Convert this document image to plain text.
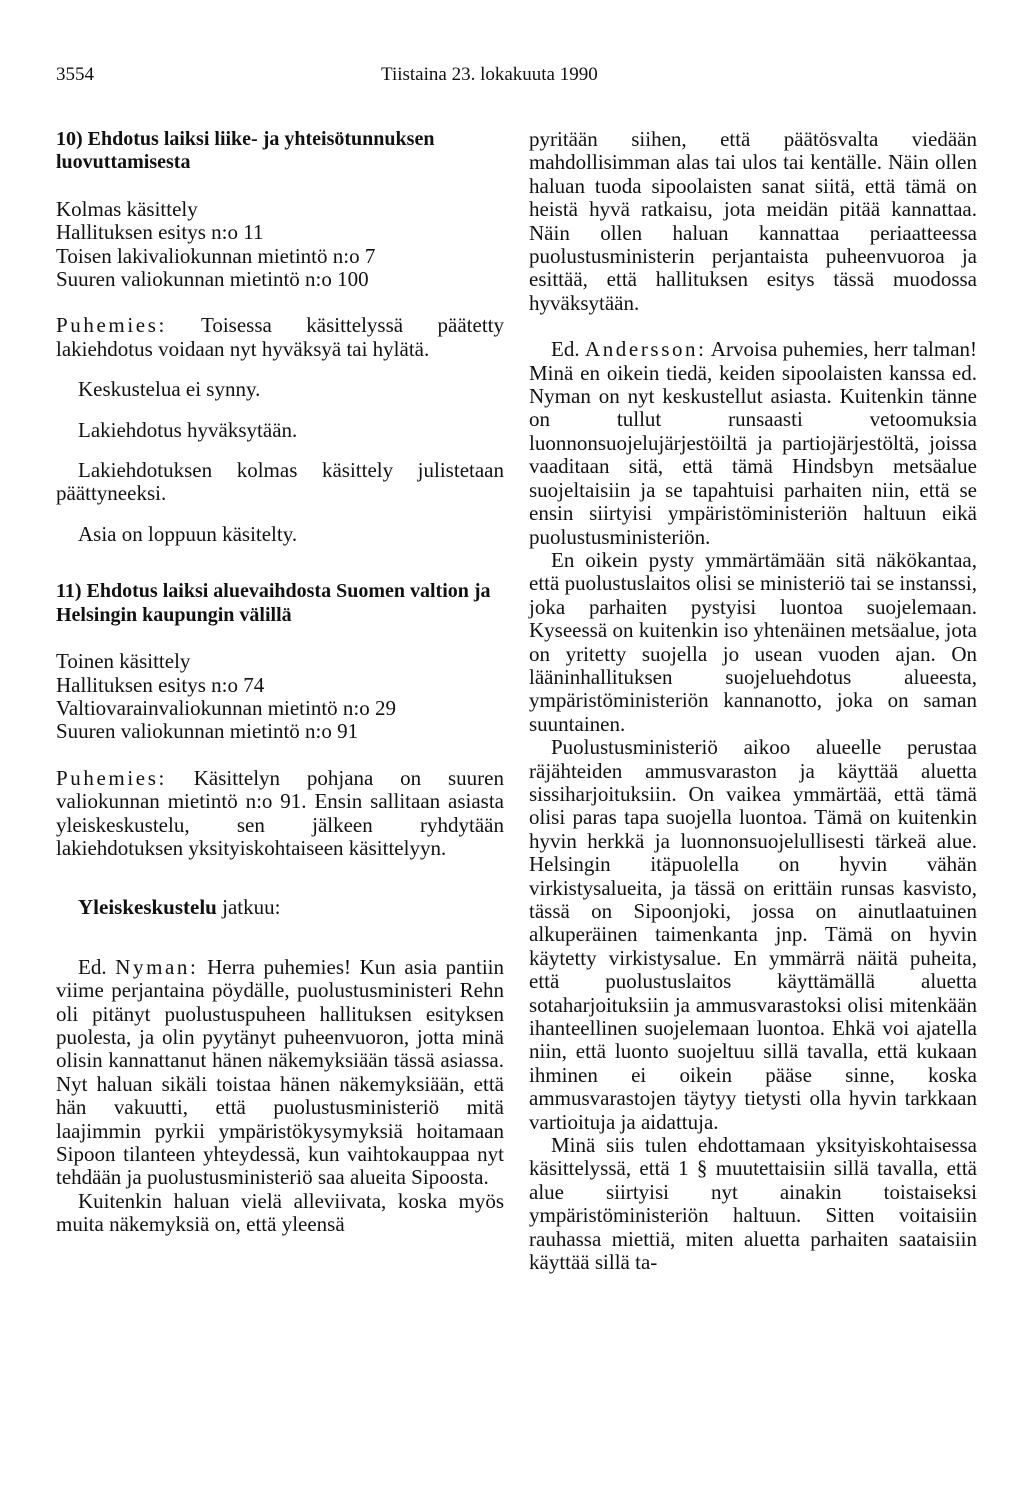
3554	Tiistaina 23. lokakuuta 1990

10) Ehdotus laiksi liike- ja yhteisötunnuksen luovuttamisesta

Kolmas käsittely

Hallituksen esitys n:o 11

Toisen lakivaliokunnan mietintö n:o 7

Suuren valiokunnan mietintö n:o 100

Puhemies: Toisessa käsittelyssä päätetty lakiehdotus voidaan nyt hyväksyä tai hylätä.

Keskustelua ei synny.

Lakiehdotus hyväksytään.

Lakiehdotuksen kolmas käsittely julistetaan päättyneeksi.

Asia on loppuun käsitelty.

11) Ehdotus laiksi aluevaihdosta Suomen valtion ja Helsingin kaupungin välillä

Toinen käsittely

Hallituksen esitys n:o 74

Valtiovarainvaliokunnan mietintö n:o 29

Suuren valiokunnan mietintö n:o 91

Puhemies: Käsittelyn pohjana on suuren valiokunnan mietintö n:o 91. Ensin sallitaan asiasta yleiskeskustelu, sen jälkeen ryhdytään lakiehdotuksen yksityiskohtaiseen käsittelyyn.

Yleiskeskustelu jatkuu:

Ed. Nyman: Herra puhemies! Kun asia pantiin viime perjantaina pöydälle, puolustusministeri Rehn oli pitänyt puolustuspuheen hallituksen esityksen puolesta, ja olin pyytänyt puheenvuoron, jotta minä olisin kannattanut hänen näkemyksiään tässä asiassa. Nyt haluan sikäli toistaa hänen näkemyksiään, että hän vakuutti, että puolustusministeriö mitä laajimmin pyrkii ympäristökysymyksiä hoitamaan Sipoon tilanteen yhteydessä, kun vaihtokauppaa nyt tehdään ja puolustusministeriö saa alueita Sipoosta.

Kuitenkin haluan vielä alleviivata, koska myös muita näkemyksiä on, että yleensä

pyritään siihen, että päätösvalta viedään mahdollisimman alas tai ulos tai kentälle. Näin ollen haluan tuoda sipoolaisten sanat siitä, että tämä on heistä hyvä ratkaisu, jota meidän pitää kannattaa. Näin ollen haluan kannattaa periaatteessa puolustusministerin perjantaista puheenvuoroa ja esittää, että hallituksen esitys tässä muodossa hyväksytään.

Ed. Andersson: Arvoisa puhemies, herr talman! Minä en oikein tiedä, keiden sipoolaisten kanssa ed. Nyman on nyt keskustellut asiasta. Kuitenkin tänne on tullut runsaasti vetoomuksia luonnonsuojelujärjestöiltä ja partiojärjestöltä, joissa vaaditaan sitä, että tämä Hindsbyn metsäalue suojeltaisiin ja se tapahtuisi parhaiten niin, että se ensin siirtyisi ympäristöministeriön haltuun eikä puolustusministeriön.

En oikein pysty ymmärtämään sitä näkökantaa, että puolustuslaitos olisi se ministeriö tai se instanssi, joka parhaiten pystyisi luontoa suojelemaan. Kyseessä on kuitenkin iso yhtenäinen metsäalue, jota on yritetty suojella jo usean vuoden ajan. On lääninhallituksen suojeluehdotus alueesta, ympäristöministeriön kannanotto, joka on saman suuntainen.

Puolustusministeriö aikoo alueelle perustaa räjähteiden ammusvaraston ja käyttää aluetta sissiharjoituksiin. On vaikea ymmärtää, että tämä olisi paras tapa suojella luontoa. Tämä on kuitenkin hyvin herkkä ja luonnonsuojelullisesti tärkeä alue. Helsingin itäpuolella on hyvin vähän virkistysalueita, ja tässä on erittäin runsas kasvisto, tässä on Sipoonjoki, jossa on ainutlaatuinen alkuperäinen taimenkanta jnp. Tämä on hyvin käytetty virkistysalue. En ymmärrä näitä puheita, että puolustuslaitos käyttämällä aluetta sotaharjoituksiin ja ammusvarastoksi olisi mitenkään ihanteellinen suojelemaan luontoa. Ehkä voi ajatella niin, että luonto suojeltuu sillä tavalla, että kukaan ihminen ei oikein pääse sinne, koska ammusvarastojen täytyy tietysti olla hyvin tarkkaan vartioituja ja aidattuja.

Minä siis tulen ehdottamaan yksityiskohtaisessa käsittelyssä, että 1 § muutettaisiin sillä tavalla, että alue siirtyisi nyt ainakin toistaiseksi ympäristöministeriön haltuun. Sitten voitaisiin rauhassa miettiä, miten aluetta parhaiten saataisiin käyttää sillä ta-
